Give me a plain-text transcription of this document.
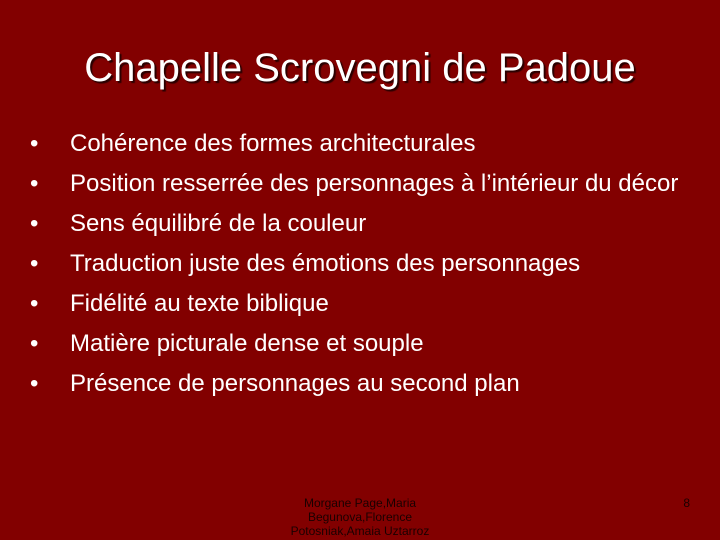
Chapelle Scrovegni de Padoue
•	Cohérence des formes architecturales
•	Position resserrée des personnages à l’intérieur du décor
•	Sens équilibré de la couleur
•	Traduction juste des émotions des personnages
•	Fidélité au texte biblique
•	Matière picturale dense et souple
•	Présence de personnages au second plan
Morgane Page,Maria Begunova,Florence Potosniak,Amaia Uztarroz
8
